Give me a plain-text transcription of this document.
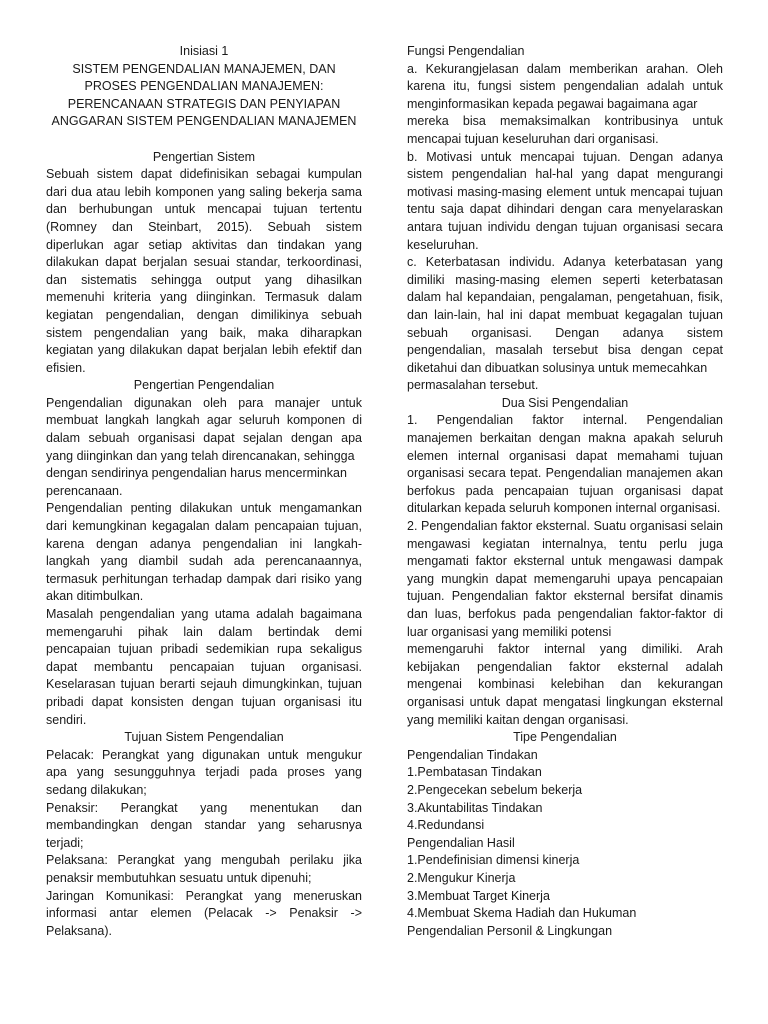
Inisiasi 1
SISTEM PENGENDALIAN MANAJEMEN, DAN PROSES PENGENDALIAN MANAJEMEN: PERENCANAAN STRATEGIS DAN PENYIAPAN ANGGARAN SISTEM PENGENDALIAN MANAJEMEN
Pengertian Sistem

Sebuah sistem dapat didefinisikan sebagai kumpulan dari dua atau lebih komponen yang saling bekerja sama dan berhubungan untuk mencapai tujuan tertentu (Romney dan Steinbart, 2015). Sebuah sistem diperlukan agar setiap aktivitas dan tindakan yang dilakukan dapat berjalan sesuai standar, terkoordinasi, dan sistematis sehingga output yang dihasilkan memenuhi kriteria yang diinginkan. Termasuk dalam kegiatan pengendalian, dengan dimilikinya sebuah sistem pengendalian yang baik, maka diharapkan kegiatan yang dilakukan dapat berjalan lebih efektif dan efisien.

Pengertian Pengendalian

Pengendalian digunakan oleh para manajer untuk membuat langkah langkah agar seluruh komponen di dalam sebuah organisasi dapat sejalan dengan apa yang diinginkan dan yang telah direncanakan, sehingga

dengan sendirinya pengendalian harus mencerminkan perencanaan.

Pengendalian penting dilakukan untuk mengamankan dari kemungkinan kegagalan dalam pencapaian tujuan, karena dengan adanya pengendalian ini langkah-langkah yang diambil sudah ada perencanaannya, termasuk perhitungan terhadap dampak dari risiko yang akan ditimbulkan.

Masalah pengendalian yang utama adalah bagaimana memengaruhi pihak lain dalam bertindak demi pencapaian tujuan pribadi sedemikian rupa sekaligus dapat membantu pencapaian tujuan organisasi. Keselarasan tujuan berarti sejauh dimungkinkan, tujuan pribadi dapat konsisten dengan tujuan organisasi itu sendiri.

Tujuan Sistem Pengendalian

Pelacak: Perangkat yang digunakan untuk mengukur apa yang sesungguhnya terjadi pada proses yang sedang dilakukan;

Penaksir: Perangkat yang menentukan dan membandingkan dengan standar yang seharusnya terjadi;

Pelaksana: Perangkat yang mengubah perilaku jika penaksir membutuhkan sesuatu untuk dipenuhi;

Jaringan Komunikasi: Perangkat yang meneruskan informasi antar elemen (Pelacak -> Penaksir -> Pelaksana).

Fungsi Pengendalian

a. Kekurangjelasan dalam memberikan arahan. Oleh karena itu, fungsi sistem pengendalian adalah untuk menginformasikan kepada pegawai bagaimana agar

mereka bisa memaksimalkan kontribusinya untuk mencapai tujuan keseluruhan dari organisasi.

b. Motivasi untuk mencapai tujuan. Dengan adanya sistem pengendalian hal-hal yang dapat mengurangi motivasi masing-masing element untuk mencapai tujuan tentu saja dapat dihindari dengan cara menyelaraskan antara tujuan individu dengan tujuan organisasi secara keseluruhan.

c. Keterbatasan individu. Adanya keterbatasan yang dimiliki masing-masing elemen seperti keterbatasan dalam hal kepandaian, pengalaman, pengetahuan, fisik, dan lain-lain, hal ini dapat membuat kegagalan tujuan sebuah organisasi. Dengan adanya sistem pengendalian, masalah tersebut bisa dengan cepat diketahui dan dibuatkan solusinya untuk memecahkan

permasalahan tersebut.

Dua Sisi Pengendalian

1. Pengendalian faktor internal. Pengendalian manajemen berkaitan dengan makna apakah seluruh elemen internal organisasi dapat memahami tujuan organisasi secara tepat. Pengendalian manajemen akan berfokus pada pencapaian tujuan organisasi dapat ditularkan kepada seluruh komponen internal organisasi.

2. Pengendalian faktor eksternal. Suatu organisasi selain mengawasi kegiatan internalnya, tentu perlu juga mengamati faktor eksternal untuk mengawasi dampak yang mungkin dapat memengaruhi upaya pencapaian tujuan. Pengendalian faktor eksternal bersifat dinamis dan luas, berfokus pada pengendalian faktor-faktor di luar organisasi yang memiliki potensi

memengaruhi faktor internal yang dimiliki. Arah kebijakan pengendalian faktor eksternal adalah mengenai kombinasi kelebihan dan kekurangan organisasi untuk dapat mengatasi lingkungan eksternal yang memiliki kaitan dengan organisasi.

Tipe Pengendalian
Pengendalian Tindakan
1.Pembatasan Tindakan
2.Pengecekan sebelum bekerja
3.Akuntabilitas Tindakan
4.Redundansi
Pengendalian Hasil
1.Pendefinisian dimensi kinerja
2.Mengukur Kinerja
3.Membuat Target Kinerja
4.Membuat Skema Hadiah dan Hukuman
Pengendalian Personil & Lingkungan
